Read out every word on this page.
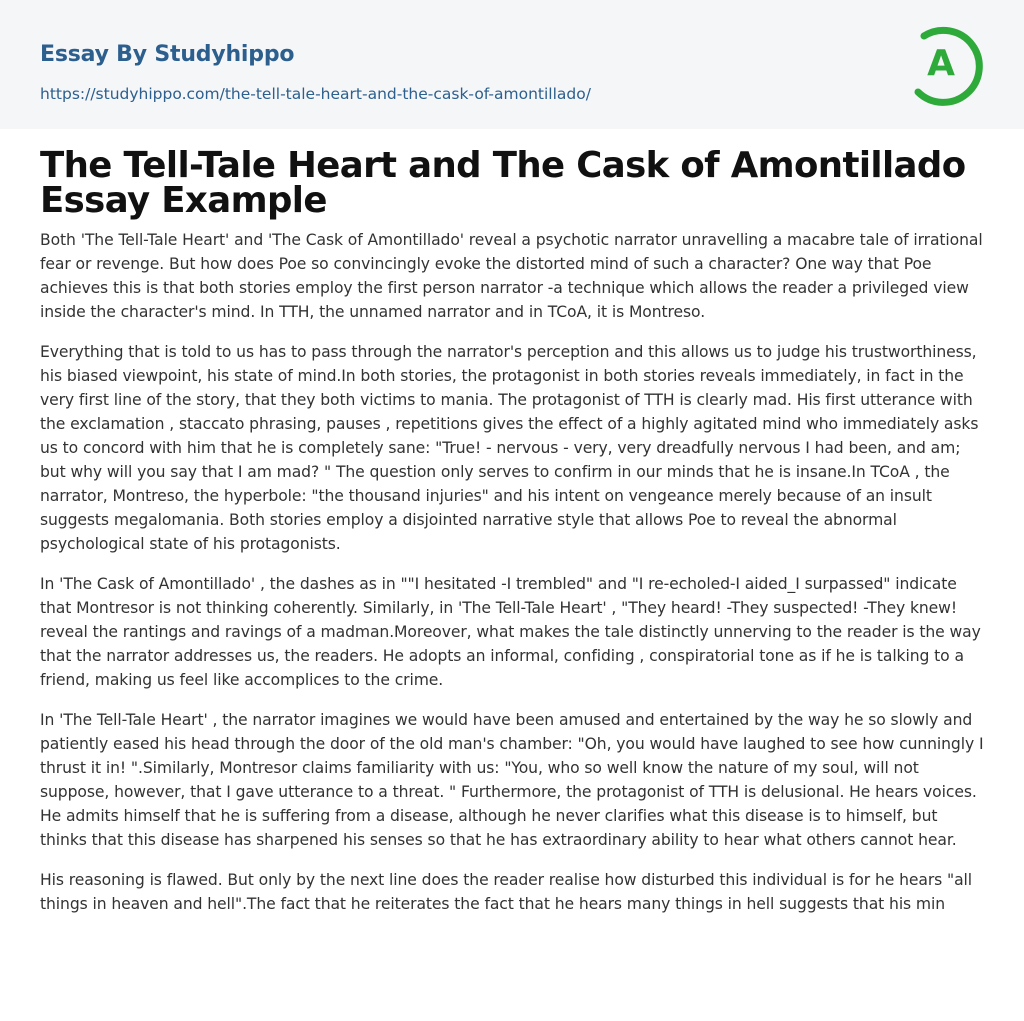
Essay By Studyhippo
https://studyhippo.com/the-tell-tale-heart-and-the-cask-of-amontillado/
A
The Tell-Tale Heart and The Cask of Amontillado Essay Example

Both 'The Tell-Tale Heart' and 'The Cask of Amontillado' reveal a psychotic narrator unravelling a macabre tale of irrational fear or revenge. But how does Poe so convincingly evoke the distorted mind of such a character? One way that Poe achieves this is that both stories employ the first person narrator -a technique which allows the reader a privileged view inside the character's mind. In TTH, the unnamed narrator and in TCoA, it is Montreso.

Everything that is told to us has to pass through the narrator's perception and this allows us to judge his trustworthiness, his biased viewpoint, his state of mind.In both stories, the protagonist in both stories reveals immediately, in fact in the very first line of the story, that they both victims to mania. The protagonist of TTH is clearly mad. His first utterance with the exclamation , staccato phrasing, pauses , repetitions gives the effect of a highly agitated mind who immediately asks us to concord with him that he is completely sane: "True! - nervous - very, very dreadfully nervous I had been, and am; but why will you say that I am mad? " The question only serves to confirm in our minds that he is insane.In TCoA , the narrator, Montreso, the hyperbole: "the thousand injuries" and his intent on vengeance merely because of an insult suggests megalomania. Both stories employ a disjointed narrative style that allows Poe to reveal the abnormal psychological state of his protagonists.

In 'The Cask of Amontillado' , the dashes as in ""I hesitated -I trembled" and "I re-echoled-I aided_I surpassed" indicate that Montresor is not thinking coherently. Similarly, in 'The Tell-Tale Heart' , "They heard! -They suspected! -They knew! reveal the rantings and ravings of a madman.Moreover, what makes the tale distinctly unnerving to the reader is the way that the narrator addresses us, the readers. He adopts an informal, confiding , conspiratorial tone as if he is talking to a friend, making us feel like accomplices to the crime.

In 'The Tell-Tale Heart' , the narrator imagines we would have been amused and entertained by the way he so slowly and patiently eased his head through the door of the old man's chamber: "Oh, you would have laughed to see how cunningly I thrust it in! ".Similarly, Montresor claims familiarity with us: "You, who so well know the nature of my soul, will not suppose, however, that I gave utterance to a threat. " Furthermore, the protagonist of TTH is delusional. He hears voices. He admits himself that he is suffering from a disease, although he never clarifies what this disease is to himself, but thinks that this disease has sharpened his senses so that he has extraordinary ability to hear what others cannot hear.

His reasoning is flawed. But only by the next line does the reader realise how disturbed this individual is for he hears "all things in heaven and hell".The fact that he reiterates the fact that he hears many things in hell suggests that his min
